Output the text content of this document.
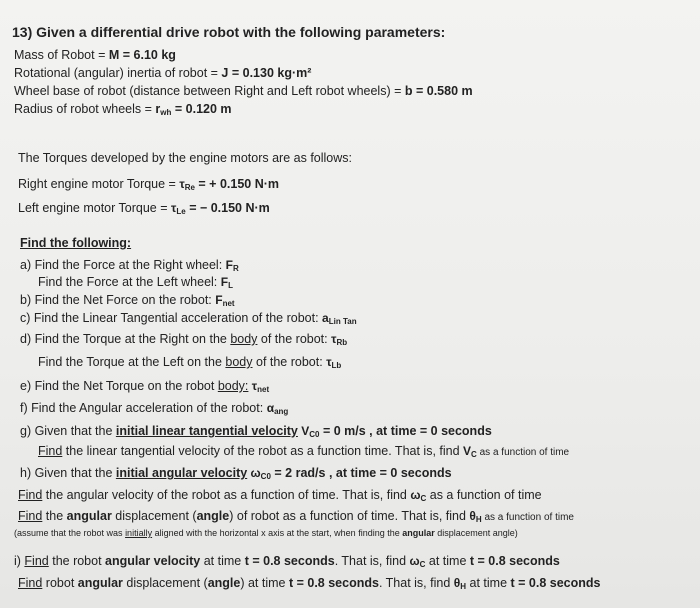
13) Given a differential drive robot with the following parameters:
Mass of Robot = M = 6.10 kg
Rotational (angular) inertia of robot = J = 0.130 kg·m²
Wheel base of robot (distance between Right and Left robot wheels) = b = 0.580 m
Radius of robot wheels = $r_{wh} = 0.120$ m
The Torques developed by the engine motors are as follows:
Right engine motor Torque = $\tau_{Re}$ = + 0.150 N·m
Left engine motor Torque = $\tau_{Le}$ = − 0.150 N·m
Find the following:
a) Find the Force at the Right wheel: $F_R$
Find the Force at the Left wheel: $F_L$
b) Find the Net Force on the robot: $F_{net}$
c) Find the Linear Tangential acceleration of the robot: $a_{Lin Tan}$
d) Find the Torque at the Right on the body of the robot: $\tau_{Rb}$
Find the Torque at the Left on the body of the robot: $\tau_{Lb}$
e) Find the Net Torque on the robot body: $\tau_{net}$
f) Find the Angular acceleration of the robot: $\alpha_{ang}$
g) Given that the initial linear tangential velocity $V_{C0} = 0$ m/s , at time = 0 seconds
Find the linear tangential velocity of the robot as a function time. That is, find $V_C$ as a function of time
h) Given that the initial angular velocity $\omega_{C0} = 2$ rad/s , at time = 0 seconds
Find the angular velocity of the robot as a function of time. That is, find $\omega_C$ as a function of time
Find the angular displacement (angle) of robot as a function of time. That is, find $\theta_H$ as a function of time
(assume that the robot was initially aligned with the horizontal x axis at the start, when finding the angular displacement angle)
i) Find the robot angular velocity at time t = 0.8 seconds. That is, find $\omega_C$ at time t = 0.8 seconds
Find robot angular displacement (angle) at time t = 0.8 seconds. That is, find $\theta_H$ at time t = 0.8 seconds
